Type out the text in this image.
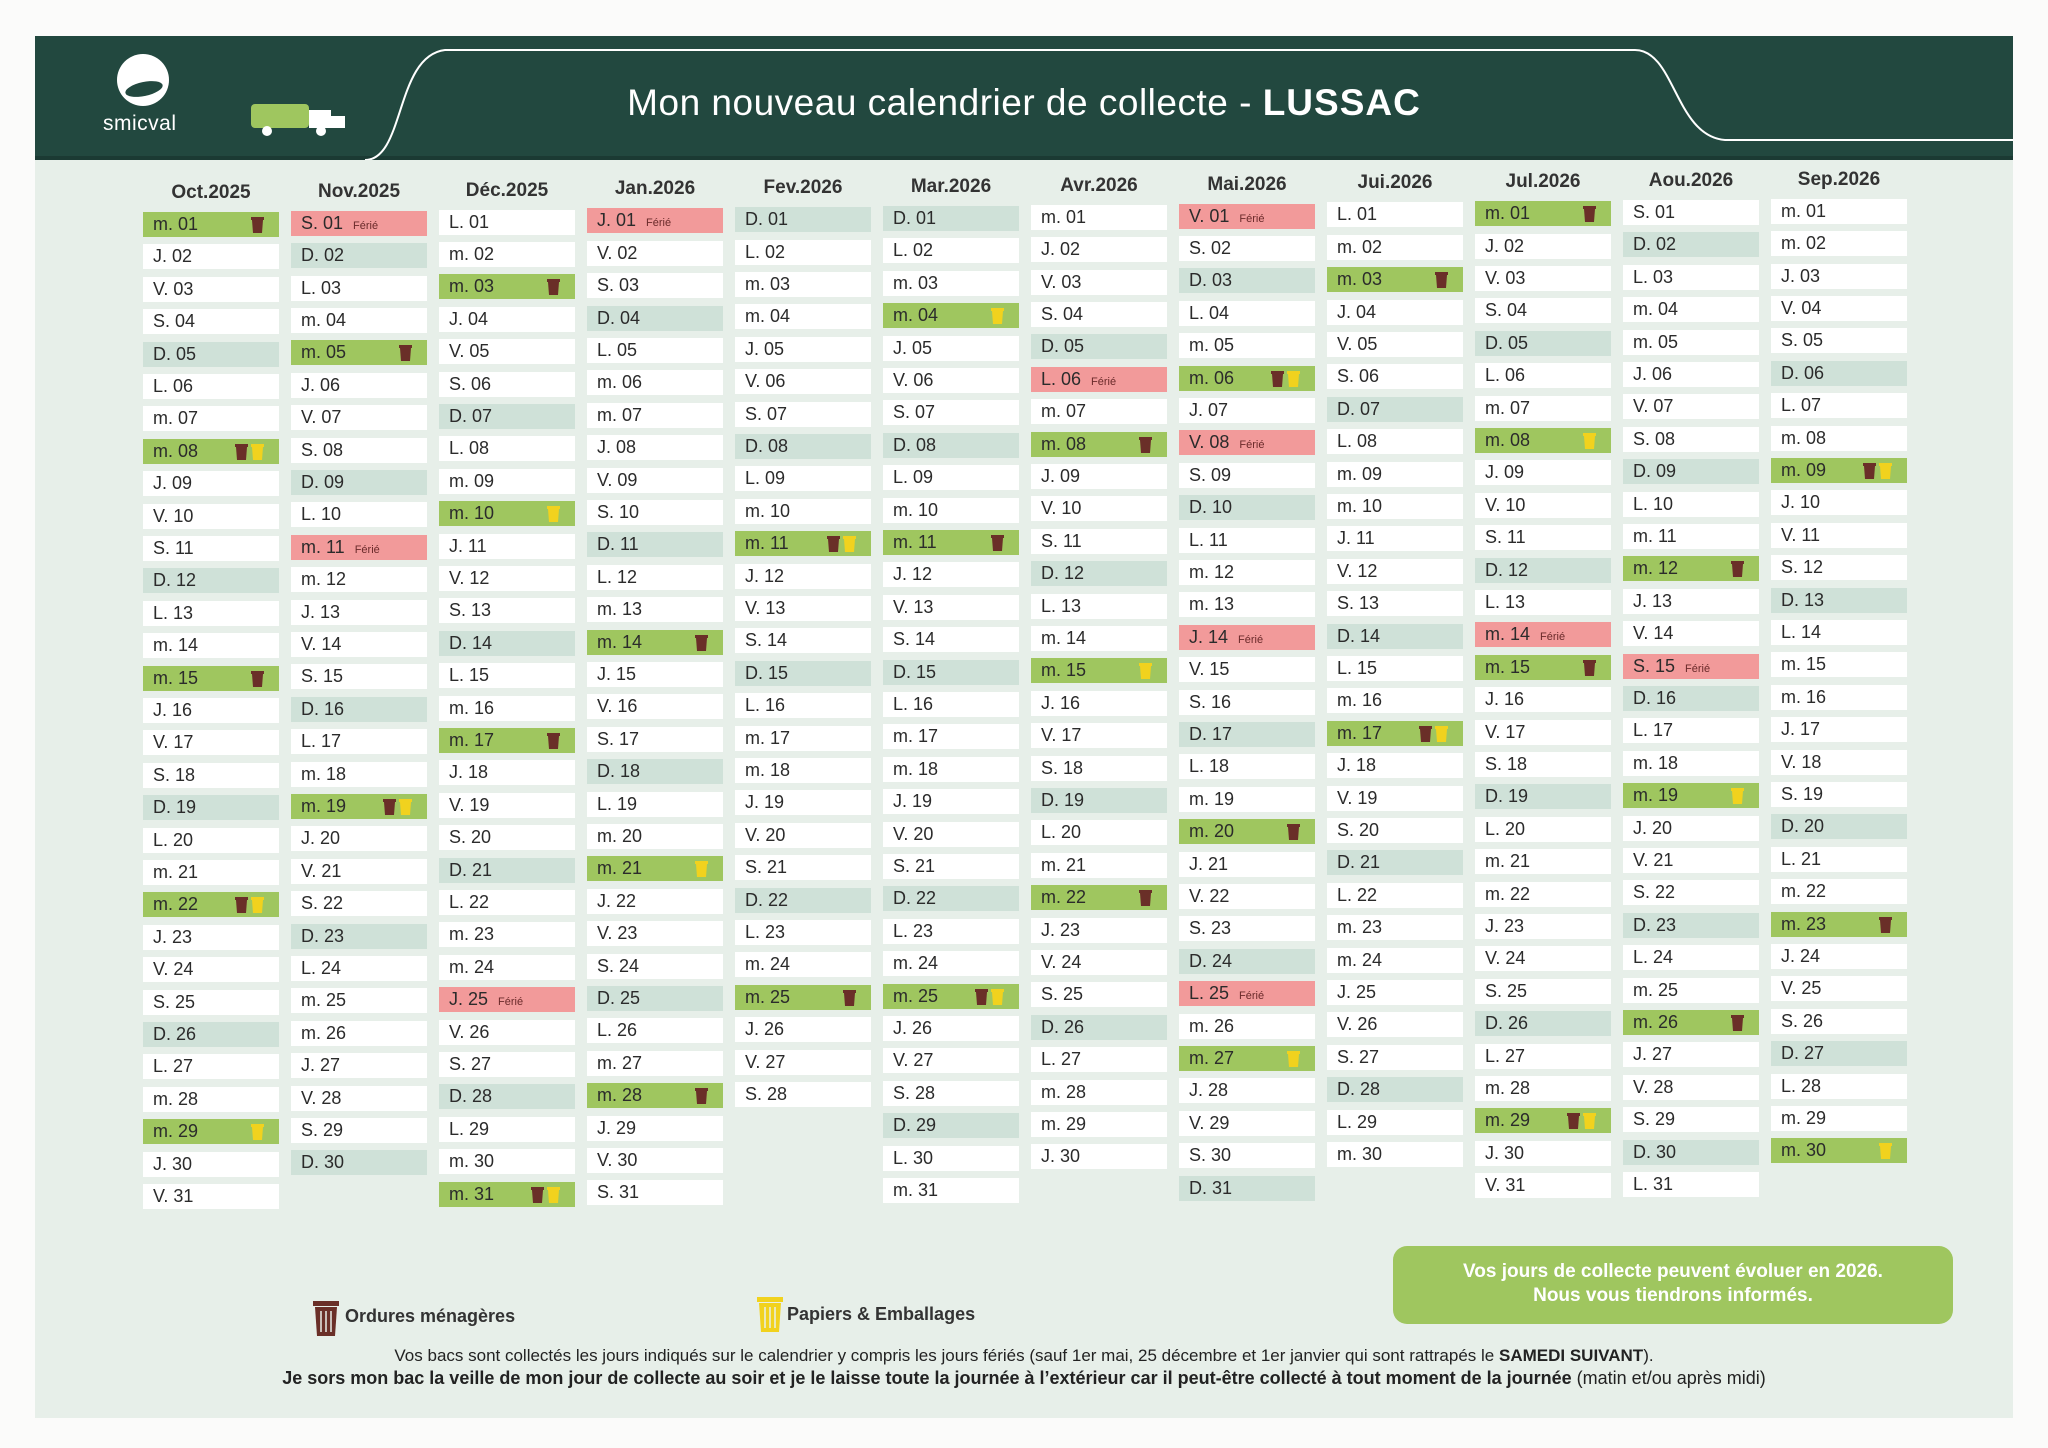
smicval
Mon nouveau calendrier de collecte - LUSSAC
Oct.2025
m. 01
J. 02
V. 03
S. 04
D. 05
L. 06
m. 07
m. 08
J. 09
V. 10
S. 11
D. 12
L. 13
m. 14
m. 15
J. 16
V. 17
S. 18
D. 19
L. 20
m. 21
m. 22
J. 23
V. 24
S. 25
D. 26
L. 27
m. 28
m. 29
J. 30
V. 31
Nov.2025
S. 01 Férié
D. 02
L. 03
m. 04
m. 05
J. 06
V. 07
S. 08
D. 09
L. 10
m. 11 Férié
m. 12
J. 13
V. 14
S. 15
D. 16
L. 17
m. 18
m. 19
J. 20
V. 21
S. 22
D. 23
L. 24
m. 25
m. 26
J. 27
V. 28
S. 29
D. 30
Déc.2025
L. 01
m. 02
m. 03
J. 04
V. 05
S. 06
D. 07
L. 08
m. 09
m. 10
J. 11
V. 12
S. 13
D. 14
L. 15
m. 16
m. 17
J. 18
V. 19
S. 20
D. 21
L. 22
m. 23
m. 24
J. 25 Férié
V. 26
S. 27
D. 28
L. 29
m. 30
m. 31
Jan.2026
J. 01 Férié
V. 02
S. 03
D. 04
L. 05
m. 06
m. 07
J. 08
V. 09
S. 10
D. 11
L. 12
m. 13
m. 14
J. 15
V. 16
S. 17
D. 18
L. 19
m. 20
m. 21
J. 22
V. 23
S. 24
D. 25
L. 26
m. 27
m. 28
J. 29
V. 30
S. 31
Fev.2026
D. 01
L. 02
m. 03
m. 04
J. 05
V. 06
S. 07
D. 08
L. 09
m. 10
m. 11
J. 12
V. 13
S. 14
D. 15
L. 16
m. 17
m. 18
J. 19
V. 20
S. 21
D. 22
L. 23
m. 24
m. 25
J. 26
V. 27
S. 28
Mar.2026
D. 01
L. 02
m. 03
m. 04
J. 05
V. 06
S. 07
D. 08
L. 09
m. 10
m. 11
J. 12
V. 13
S. 14
D. 15
L. 16
m. 17
m. 18
J. 19
V. 20
S. 21
D. 22
L. 23
m. 24
m. 25
J. 26
V. 27
S. 28
D. 29
L. 30
m. 31
Avr.2026
m. 01
J. 02
V. 03
S. 04
D. 05
L. 06 Férié
m. 07
m. 08
J. 09
V. 10
S. 11
D. 12
L. 13
m. 14
m. 15
J. 16
V. 17
S. 18
D. 19
L. 20
m. 21
m. 22
J. 23
V. 24
S. 25
D. 26
L. 27
m. 28
m. 29
J. 30
Mai.2026
V. 01 Férié
S. 02
D. 03
L. 04
m. 05
m. 06
J. 07
V. 08 Férié
S. 09
D. 10
L. 11
m. 12
m. 13
J. 14 Férié
V. 15
S. 16
D. 17
L. 18
m. 19
m. 20
J. 21
V. 22
S. 23
D. 24
L. 25 Férié
m. 26
m. 27
J. 28
V. 29
S. 30
D. 31
Jui.2026
L. 01
m. 02
m. 03
J. 04
V. 05
S. 06
D. 07
L. 08
m. 09
m. 10
J. 11
V. 12
S. 13
D. 14
L. 15
m. 16
m. 17
J. 18
V. 19
S. 20
D. 21
L. 22
m. 23
m. 24
J. 25
V. 26
S. 27
D. 28
L. 29
m. 30
Jul.2026
m. 01
J. 02
V. 03
S. 04
D. 05
L. 06
m. 07
m. 08
J. 09
V. 10
S. 11
D. 12
L. 13
m. 14 Férié
m. 15
J. 16
V. 17
S. 18
D. 19
L. 20
m. 21
m. 22
J. 23
V. 24
S. 25
D. 26
L. 27
m. 28
m. 29
J. 30
V. 31
Aou.2026
S. 01
D. 02
L. 03
m. 04
m. 05
J. 06
V. 07
S. 08
D. 09
L. 10
m. 11
m. 12
J. 13
V. 14
S. 15 Férié
D. 16
L. 17
m. 18
m. 19
J. 20
V. 21
S. 22
D. 23
L. 24
m. 25
m. 26
J. 27
V. 28
S. 29
D. 30
L. 31
Sep.2026
m. 01
m. 02
J. 03
V. 04
S. 05
D. 06
L. 07
m. 08
m. 09
J. 10
V. 11
S. 12
D. 13
L. 14
m. 15
m. 16
J. 17
V. 18
S. 19
D. 20
L. 21
m. 22
m. 23
J. 24
V. 25
S. 26
D. 27
L. 28
m. 29
m. 30
Ordures ménagères	Papiers & Emballages
Vos jours de collecte peuvent évoluer en 2026.
Nous vous tiendrons informés.
Vos bacs sont collectés les jours indiqués sur le calendrier y compris les jours fériés (sauf 1er mai, 25 décembre et 1er janvier qui sont rattrapés le SAMEDI SUIVANT).
Je sors mon bac la veille de mon jour de collecte au soir et je le laisse toute la journée à l’extérieur car il peut-être collecté à tout moment de la journée (matin et/ou après midi)
